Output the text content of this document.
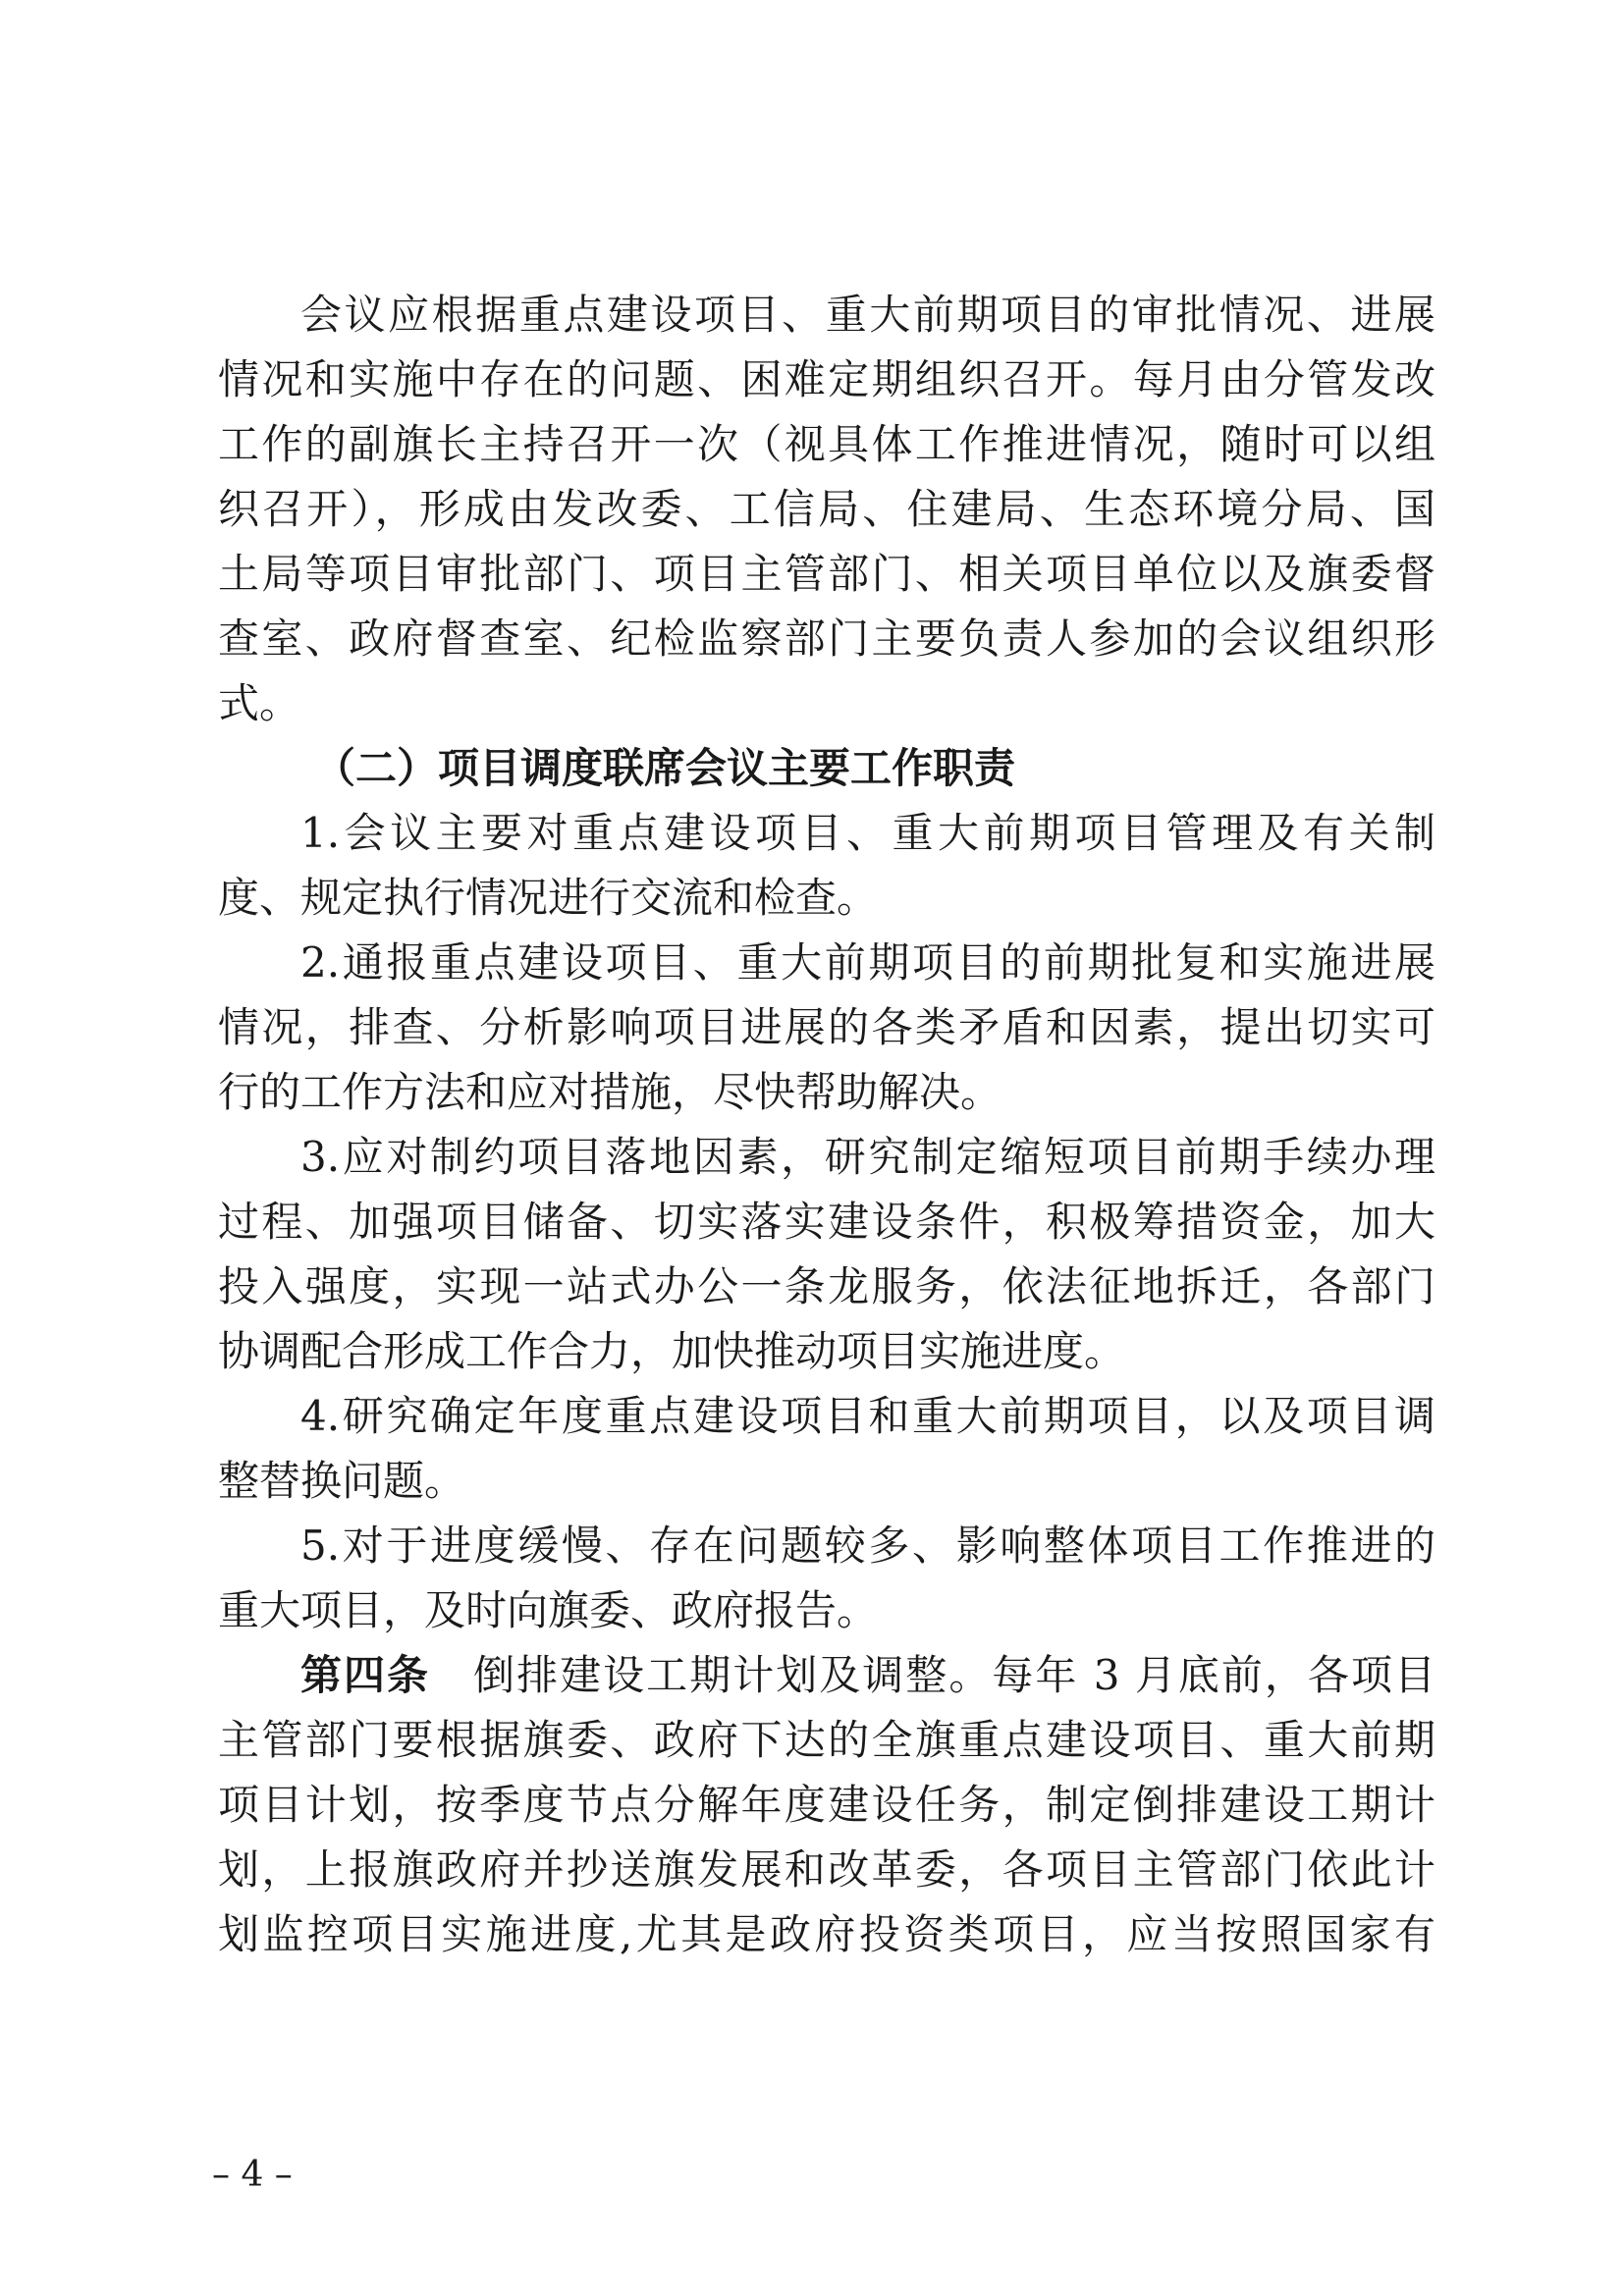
会议应根据重点建设项目、重大前期项目的审批情况、进展
情况和实施中存在的问题、困难定期组织召开。每月由分管发改
工作的副旗长主持召开一次（视具体工作推进情况，随时可以组
织召开），形成由发改委、工信局、住建局、生态环境分局、国
土局等项目审批部门、项目主管部门、相关项目单位以及旗委督
查室、政府督查室、纪检监察部门主要负责人参加的会议组织形
式。
（二）项目调度联席会议主要工作职责
1.会议主要对重点建设项目、重大前期项目管理及有关制
度、规定执行情况进行交流和检查。
2.通报重点建设项目、重大前期项目的前期批复和实施进展
情况，排查、分析影响项目进展的各类矛盾和因素，提出切实可
行的工作方法和应对措施，尽快帮助解决。
3.应对制约项目落地因素，研究制定缩短项目前期手续办理
过程、加强项目储备、切实落实建设条件，积极筹措资金，加大
投入强度，实现一站式办公一条龙服务，依法征地拆迁，各部门
协调配合形成工作合力，加快推动项目实施进度。
4.研究确定年度重点建设项目和重大前期项目，以及项目调
整替换问题。
5.对于进度缓慢、存在问题较多、影响整体项目工作推进的
重大项目，及时向旗委、政府报告。
第四条　 倒排建设工期计划及调整。每年 3 月底前，各项目
主管部门要根据旗委、政府下达的全旗重点建设项目、重大前期
项目计划，按季度节点分解年度建设任务，制定倒排建设工期计
划，上报旗政府并抄送旗发展和改革委，各项目主管部门依此计
划监控项目实施进度,尤其是政府投资类项目，应当按照国家有
– 4 –
